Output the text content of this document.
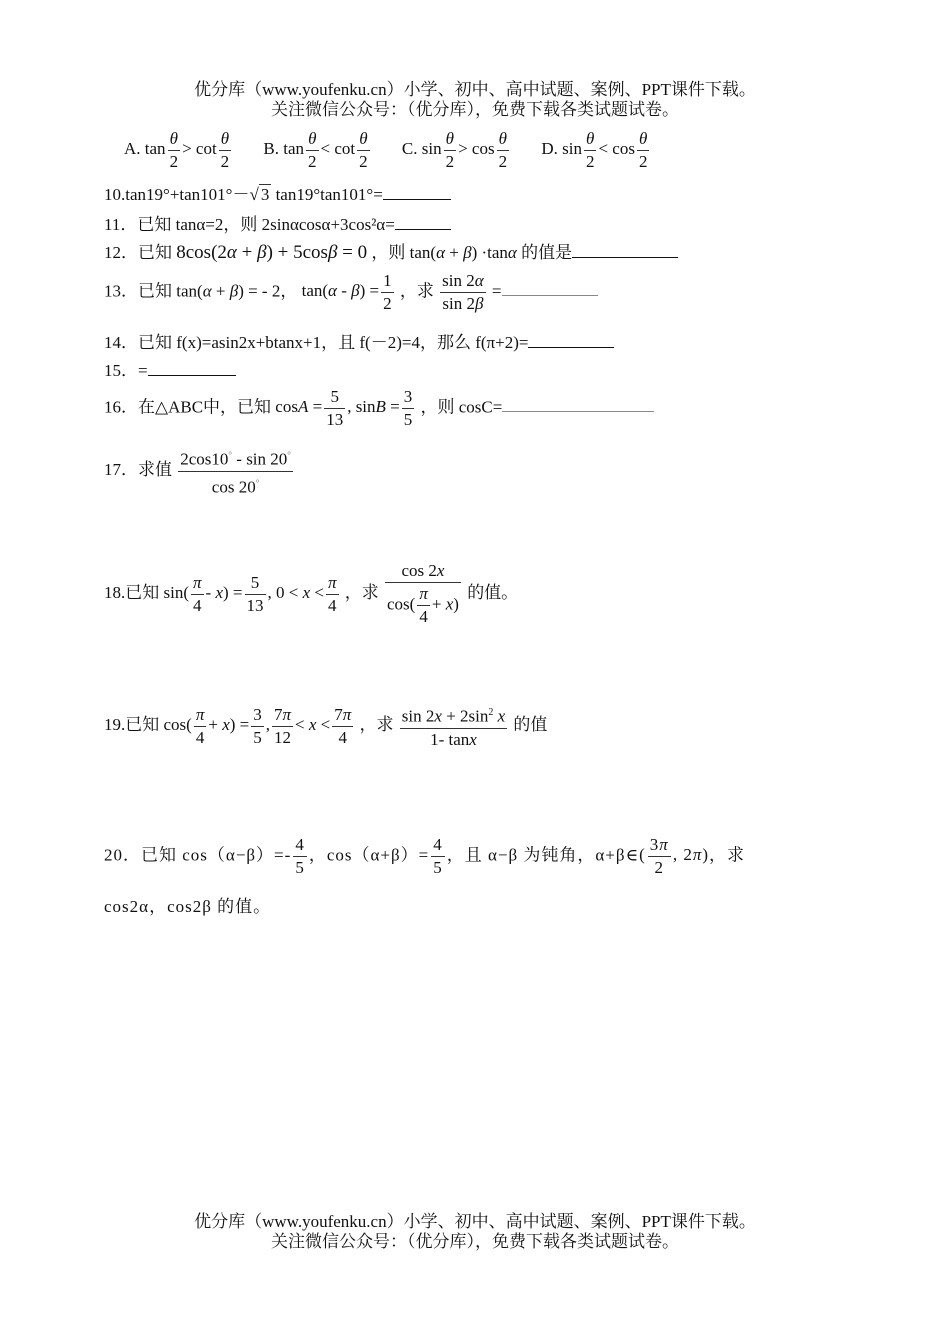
优分库（www.youfenku.cn）小学、初中、高中试题、案例、PPT课件下载。
关注微信公众号：（优分库），免费下载各类试题试卷。
A. $\tan \frac{\theta}{2} > \cot \frac{\theta}{2} B$. $\tan \frac{\theta}{2} < \cot \frac{\theta}{2} C$. $\sin \frac{\theta}{2} > \cos \frac{\theta}{2} D$. $\sin \frac{\theta}{2} < \cos \frac{\theta}{2}$
10.tan19°+tan101°－√ 3 tan19°tan101°=
11．已知 tanα=2，则 2sinαcosα+3cos²α=
12．已知 8cos(2α + β) + 5cosβ = 0 ，则 tan(α + β) ·tanα 的值是
13．已知 tan(α + β) = - 2， $\tan(\alpha - \beta) = \frac{1}{2}$ ，求 $\frac{\sin 2\alpha}{\sin 2\beta}$ =
14．已知 f(x)=asin2x+btanx+1，且 f(－2)=4，那么 f(π+2)=
15．=
16．在△ABC中，已知 $\cos A = \frac{5}{13}$ , $\sin B = \frac{3}{5}$ ，则 cosC=
17．求值 $\frac{2\cos 10^\circ - \sin 20^\circ}{\cos 20^\circ}$
18.已知 $\sin( \frac{\pi}{4} - x) = \frac{5}{13}$ , $0 < x < \frac{\pi}{4}$ ，求 $\frac{\cos 2x}{\cos( \frac{\pi}{4} + x)}$ 的值。
19.已知 $\cos( \frac{\pi}{4} + x) = \frac{3}{5}$ , $\frac{7\pi}{12} < x < \frac{7\pi}{4}$ ，求 $\frac{\sin 2x + 2\sin^2 x}{1- \tan x}$ 的值
20．已知 $\cos(\alpha-\beta)=- \frac{4}{5}$ ，$\cos(\alpha+\beta)= \frac{4}{5}$ ，且 α−β 为钝角，α+β∈( $\frac{3\pi}{2}$ , 2π)，求
cos2α，cos2β 的值。
优分库（www.youfenku.cn）小学、初中、高中试题、案例、PPT课件下载。
关注微信公众号：（优分库），免费下载各类试题试卷。
